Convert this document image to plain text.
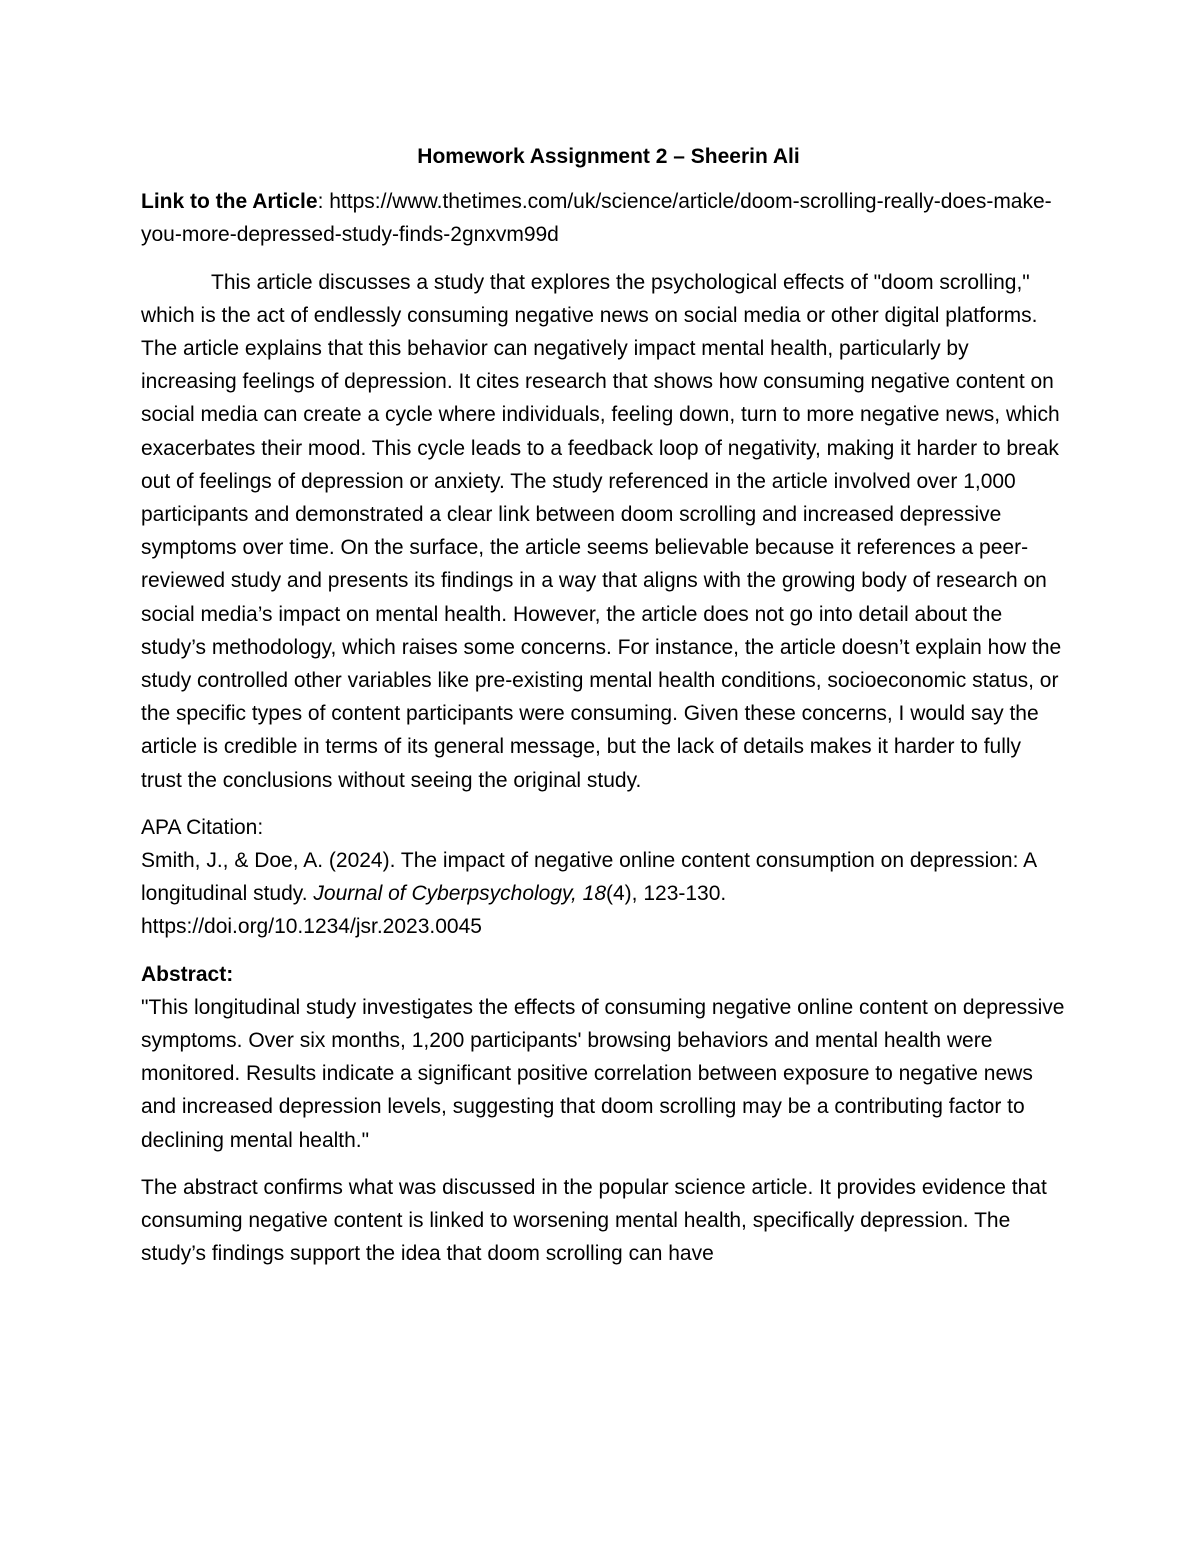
Homework Assignment 2 – Sheerin Ali

Link to the Article: https://www.thetimes.com/uk/science/article/doom-scrolling-really-does-make-you-more-depressed-study-finds-2gnxvm99d

This article discusses a study that explores the psychological effects of "doom scrolling," which is the act of endlessly consuming negative news on social media or other digital platforms. The article explains that this behavior can negatively impact mental health, particularly by increasing feelings of depression. It cites research that shows how consuming negative content on social media can create a cycle where individuals, feeling down, turn to more negative news, which exacerbates their mood. This cycle leads to a feedback loop of negativity, making it harder to break out of feelings of depression or anxiety. The study referenced in the article involved over 1,000 participants and demonstrated a clear link between doom scrolling and increased depressive symptoms over time. On the surface, the article seems believable because it references a peer-reviewed study and presents its findings in a way that aligns with the growing body of research on social media’s impact on mental health. However, the article does not go into detail about the study’s methodology, which raises some concerns. For instance, the article doesn’t explain how the study controlled other variables like pre-existing mental health conditions, socioeconomic status, or the specific types of content participants were consuming. Given these concerns, I would say the article is credible in terms of its general message, but the lack of details makes it harder to fully trust the conclusions without seeing the original study.

APA Citation:

Smith, J., & Doe, A. (2024). The impact of negative online content consumption on depression: A longitudinal study. Journal of Cyberpsychology, 18(4), 123-130. https://doi.org/10.1234/jsr.2023.0045

Abstract:

"This longitudinal study investigates the effects of consuming negative online content on depressive symptoms. Over six months, 1,200 participants' browsing behaviors and mental health were monitored. Results indicate a significant positive correlation between exposure to negative news and increased depression levels, suggesting that doom scrolling may be a contributing factor to declining mental health."

The abstract confirms what was discussed in the popular science article. It provides evidence that consuming negative content is linked to worsening mental health, specifically depression. The study’s findings support the idea that doom scrolling can have
